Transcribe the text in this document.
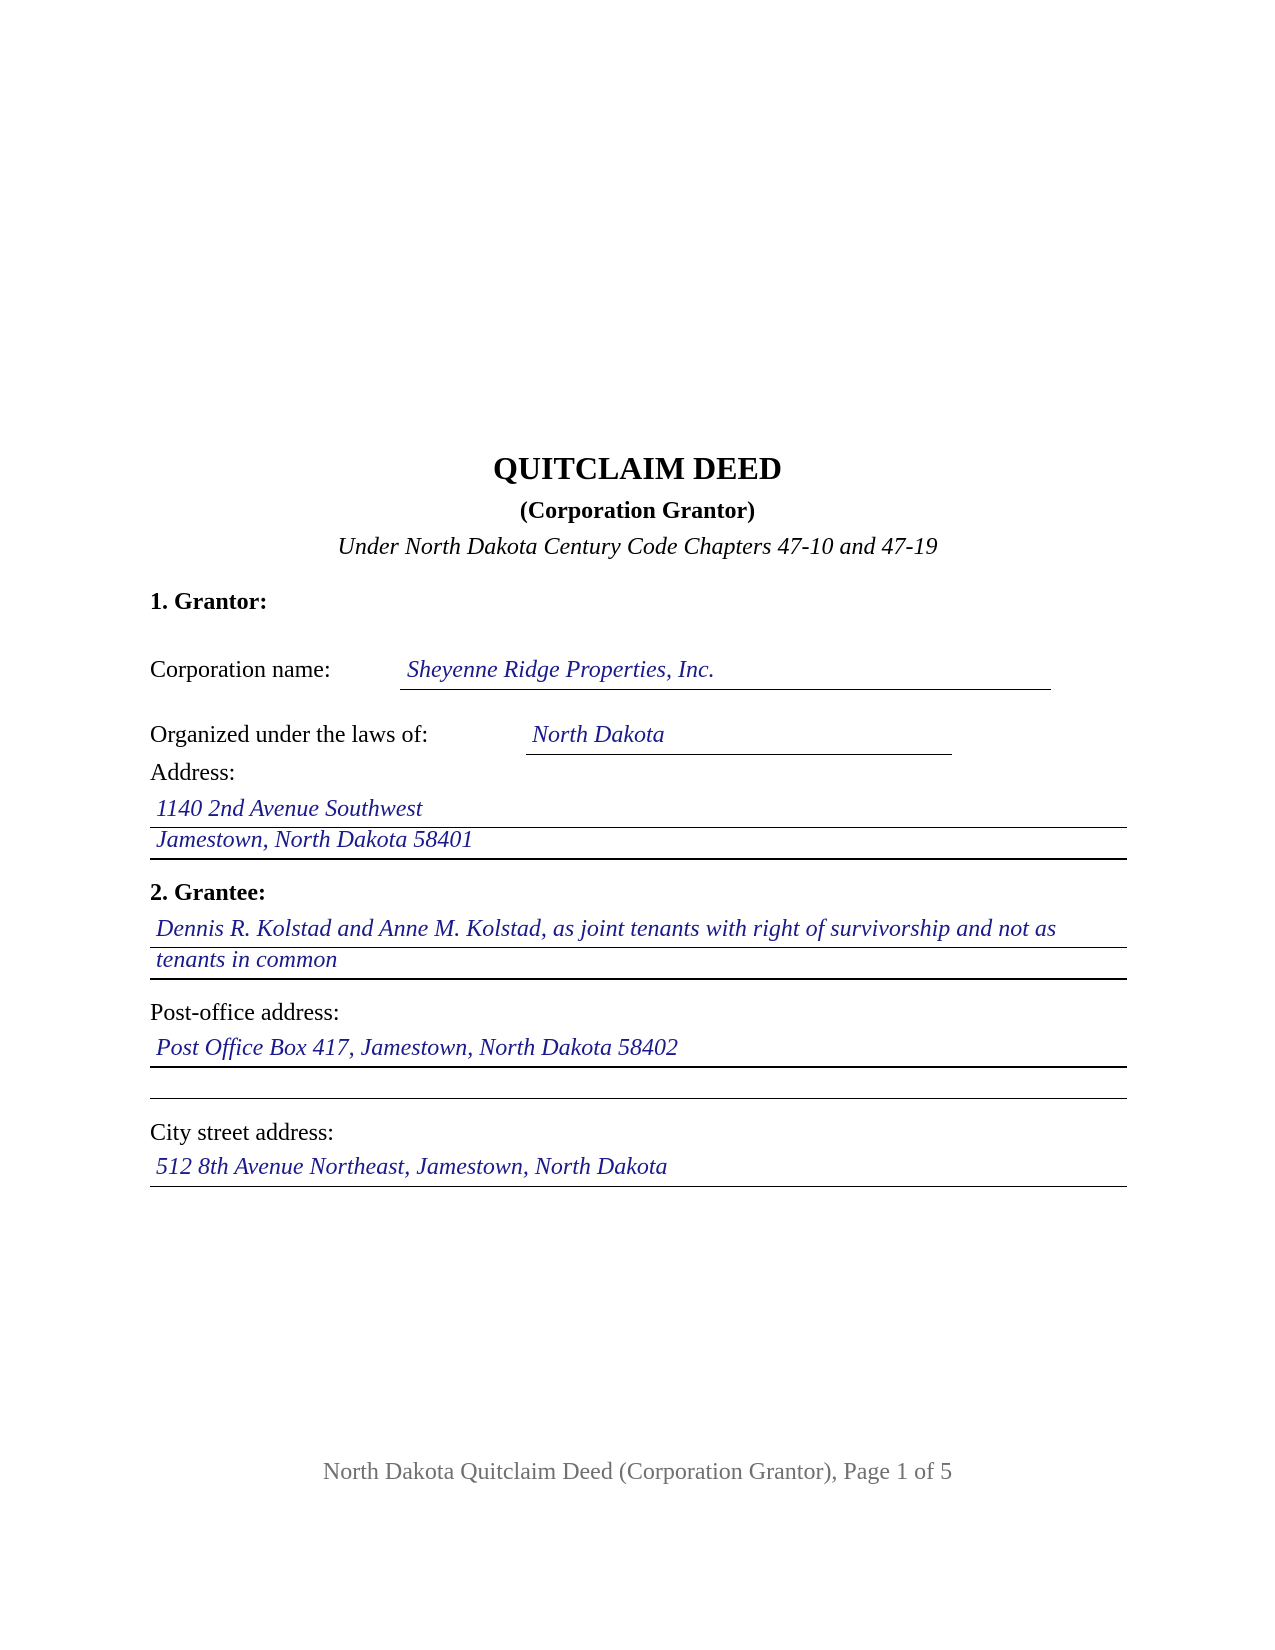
QUITCLAIM DEED
(Corporation Grantor)
Under North Dakota Century Code Chapters 47-10 and 47-19
1. Grantor:
Corporation name:	Sheyenne Ridge Properties, Inc.
Organized under the laws of:	North Dakota
Address:
1140 2nd Avenue Southwest
Jamestown, North Dakota 58401
2. Grantee:
Dennis R. Kolstad and Anne M. Kolstad, as joint tenants with right of survivorship and not as
tenants in common
Post-office address:
Post Office Box 417, Jamestown, North Dakota 58402
City street address:
512 8th Avenue Northeast, Jamestown, North Dakota
North Dakota Quitclaim Deed (Corporation Grantor), Page 1 of 5
